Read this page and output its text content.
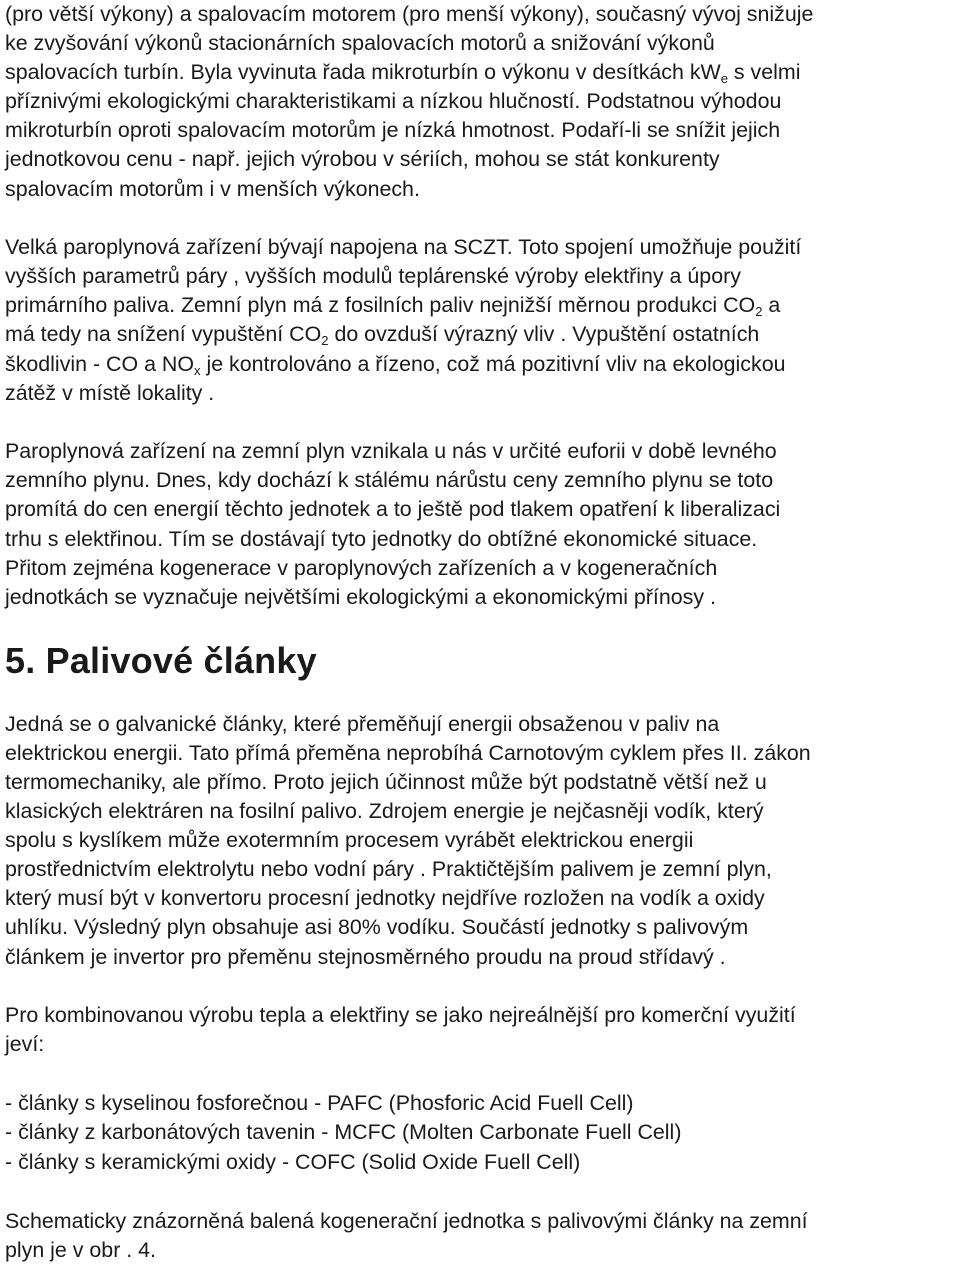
(pro větší výkony) a spalovacím motorem (pro menší výkony), současný vývoj snižuje
ke zvyšování výkonů stacionárních spalovacích motorů a snižování výkonů
spalovacích turbín. Byla vyvinuta řada mikroturbín o výkonu v desítkách $kW_e$ s velmi
příznivými ekologickými charakteristikami a nízkou hlučností. Podstatnou výhodou
mikroturbín oproti spalovacím motorům je nízká hmotnost. Podaří-li se snížit jejich
jednotkovou cenu - např. jejich výrobou v sériích, mohou se stát konkurenty
spalovacím motorům i v menších výkonech.
Velká paroplynová zařízení bývají napojena na SCZT. Toto spojení umožňuje použití
vyšších parametrů páry , vyšších modulů teplárenské výroby elektřiny a úpory
primárního paliva. Zemní plyn má z fosilních paliv nejnižší měrnou produkci $CO_2$ a
má tedy na snížení vypuštění $CO_2$ do ovzduší výrazný vliv . Vypuštění ostatních
škodlivin - CO a $NO_x$ je kontrolováno a řízeno, což má pozitivní vliv na ekologickou
zátěž v místě lokality .
Paroplynová zařízení na zemní plyn vznikala u nás v určité euforii v době levného
zemního plynu. Dnes, kdy dochází k stálému nárůstu ceny zemního plynu se toto
promítá do cen energií těchto jednotek a to ještě pod tlakem opatření k liberalizaci
trhu s elektřinou. Tím se dostávají tyto jednotky do obtížné ekonomické situace.
Přitom zejména kogenerace v paroplynových zařízeních a v kogeneračních
jednotkách se vyznačuje největšími ekologickými a ekonomickými přínosy .
5. Palivové články
Jedná se o galvanické články, které přeměňují energii obsaženou v paliv na
elektrickou energii. Tato přímá přeměna neprobíhá Carnotovým cyklem přes II. zákon
termomechaniky, ale přímo. Proto jejich účinnost může být podstatně větší než u
klasických elektráren na fosilní palivo. Zdrojem energie je nejčasněji vodík, který
spolu s kyslíkem může exotermním procesem vyrábět elektrickou energii
prostřednictvím elektrolytu nebo vodní páry . Praktičtějším palivem je zemní plyn,
který musí být v konvertoru procesní jednotky nejdříve rozložen na vodík a oxidy
uhlíku. Výsledný plyn obsahuje asi 80% vodíku. Součástí jednotky s palivovým
článkem je invertor pro přeměnu stejnosměrného proudu na proud střídavý .
Pro kombinovanou výrobu tepla a elektřiny se jako nejreálnější pro komerční využití
jeví:
- články s kyselinou fosforečnou - PAFC (Phosforic Acid Fuell Cell)
- články z karbonátových tavenin - MCFC (Molten Carbonate Fuell Cell)
- články s keramickými oxidy - COFC (Solid Oxide Fuell Cell)
Schematicky znázorněná balená kogenerační jednotka s palivovými články na zemní
plyn je v obr . 4.
